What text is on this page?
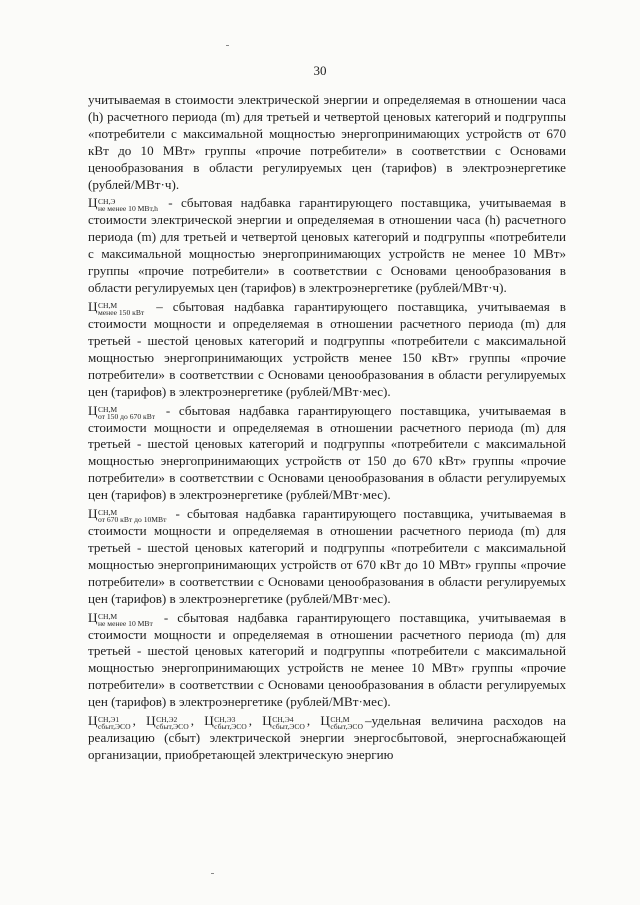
30

учитываемая в стоимости электрической энергии и определяемая в отношении часа (h) расчетного периода (m) для третьей и четвертой ценовых категорий и подгруппы «потребители с максимальной мощностью энергопринимающих устройств от 670 кВт до 10 МВт» группы «прочие потребители» в соответствии с Основами ценообразования в области регулируемых цен (тарифов) в электроэнергетике (рублей/МВт·ч).

Ц СН,Э
не менее 10 МВт,h - сбытовая надбавка гарантирующего поставщика, учитываемая в стоимости электрической энергии и определяемая в отношении часа (h) расчетного периода (m) для третьей и четвертой ценовых категорий и подгруппы «потребители с максимальной мощностью энергопринимающих устройств не менее 10 МВт» группы «прочие потребители» в соответствии с Основами ценообразования в области регулируемых цен (тарифов) в электроэнергетике (рублей/МВт·ч).

Ц СН,М
менее 150 кВт – сбытовая надбавка гарантирующего поставщика, учитываемая в стоимости мощности и определяемая в отношении расчетного периода (m) для третьей - шестой ценовых категорий и подгруппы «потребители с максимальной мощностью энергопринимающих устройств менее 150 кВт» группы «прочие потребители» в соответствии с Основами ценообразования в области регулируемых цен (тарифов) в электроэнергетике (рублей/МВт·мес).

Ц СН,М
от 150 до 670 кВт - сбытовая надбавка гарантирующего поставщика, учитываемая в стоимости мощности и определяемая в отношении расчетного периода (m) для третьей - шестой ценовых категорий и подгруппы «потребители с максимальной мощностью энергопринимающих устройств от 150 до 670 кВт» группы «прочие потребители» в соответствии с Основами ценообразования в области регулируемых цен (тарифов) в электроэнергетике (рублей/МВт·мес).

Ц СН,М
от 670 кВт до 10МВт - сбытовая надбавка гарантирующего поставщика, учитываемая в стоимости мощности и определяемая в отношении расчетного периода (m) для третьей - шестой ценовых категорий и подгруппы «потребители с максимальной мощностью энергопринимающих устройств от 670 кВт до 10 МВт» группы «прочие потребители» в соответствии с Основами ценообразования в области регулируемых цен (тарифов) в электроэнергетике (рублей/МВт·мес).

Ц СН,М
не менее 10 МВт - сбытовая надбавка гарантирующего поставщика, учитываемая в стоимости мощности и определяемая в отношении расчетного периода (m) для третьей - шестой ценовых категорий и подгруппы «потребители с максимальной мощностью энергопринимающих устройств не менее 10 МВт» группы «прочие потребители» в соответствии с Основами ценообразования в области регулируемых цен (тарифов) в электроэнергетике (рублей/МВт·мес).

Ц СН,Э1
сбыт,ЭСО , Ц СН,Э2
сбыт,ЭСО , Ц СН,Э3
сбыт,ЭСО , Ц СН,Э4
сбыт,ЭСО , Ц СН,М
сбыт,ЭСО –удельная величина расходов на реализацию (сбыт) электрической энергии энергосбытовой, энергоснабжающей организации, приобретающей электрическую энергию
